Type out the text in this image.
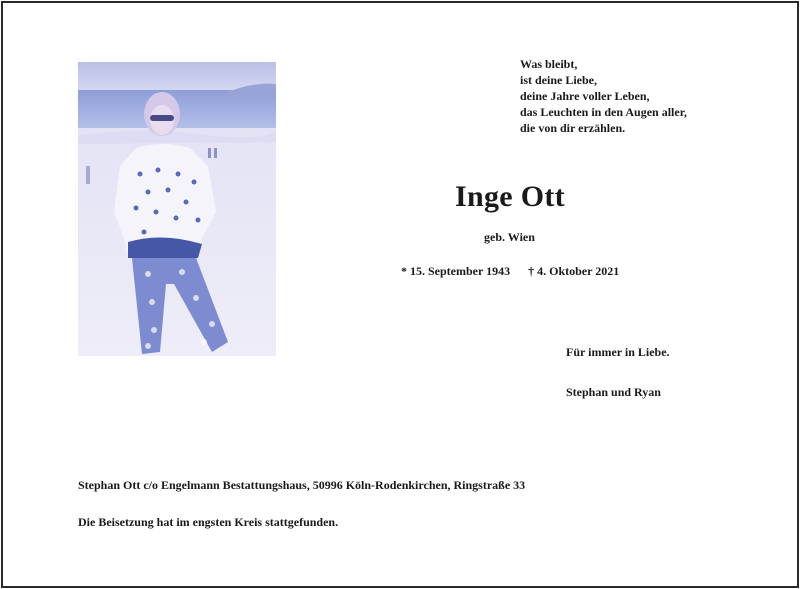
Was bleibt,
ist deine Liebe,
deine Jahre voller Leben,
das Leuchten in den Augen aller,
die von dir erzählen.
Inge Ott
geb. Wien
* 15. September 1943 † 4. Oktober 2021
Für immer in Liebe.
Stephan und Ryan
Stephan Ott c/o Engelmann Bestattungshaus, 50996 Köln-Rodenkirchen, Ringstraße 33
Die Beisetzung hat im engsten Kreis stattgefunden.
